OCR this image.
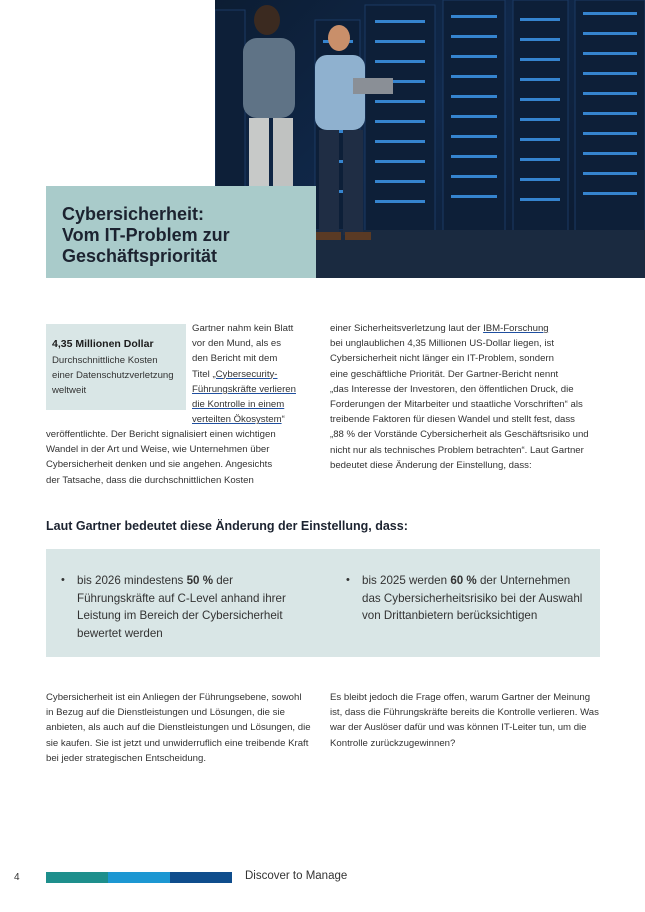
Cybersicherheit:
Vom IT-Problem zur
Geschäftspriorität
4,35 Millionen Dollar
Durchschnittliche Kosten
einer Datenschutzverletzung
weltweit
Gartner nahm kein Blatt
vor den Mund, als es
den Bericht mit dem
Titel „Cybersecurity-
Führungskräfte verlieren
die Kontrolle in einem
verteilten Ökosystem“
veröffentlichte. Der Bericht signalisiert einen wichtigen
Wandel in der Art und Weise, wie Unternehmen über
Cybersicherheit denken und sie angehen. Angesichts
der Tatsache, dass die durchschnittlichen Kosten
einer Sicherheitsverletzung laut der IBM-Forschung
bei unglaublichen 4,35 Millionen US-Dollar liegen, ist
Cybersicherheit nicht länger ein IT-Problem, sondern
eine geschäftliche Priorität. Der Gartner-Bericht nennt
„das Interesse der Investoren, den öffentlichen Druck, die
Forderungen der Mitarbeiter und staatliche Vorschriften“ als
treibende Faktoren für diesen Wandel und stellt fest, dass
„88 % der Vorstände Cybersicherheit als Geschäftsrisiko und
nicht nur als technisches Problem betrachten“. Laut Gartner
bedeutet diese Änderung der Einstellung, dass:
Laut Gartner bedeutet diese Änderung der Einstellung, dass:
• bis 2026 mindestens 50 % der
Führungskräfte auf C-Level anhand ihrer
Leistung im Bereich der Cybersicherheit
bewertet werden
• bis 2025 werden 60 % der Unternehmen
das Cybersicherheitsrisiko bei der Auswahl
von Drittanbietern berücksichtigen
Cybersicherheit ist ein Anliegen der Führungsebene, sowohl
in Bezug auf die Dienstleistungen und Lösungen, die sie
anbieten, als auch auf die Dienstleistungen und Lösungen, die
sie kaufen. Sie ist jetzt und unwiderruflich eine treibende Kraft
bei jeder strategischen Entscheidung.
Es bleibt jedoch die Frage offen, warum Gartner der Meinung
ist, dass die Führungskräfte bereits die Kontrolle verlieren. Was
war der Auslöser dafür und was können IT-Leiter tun, um die
Kontrolle zurückzugewinnen?
4	Discover to Manage
